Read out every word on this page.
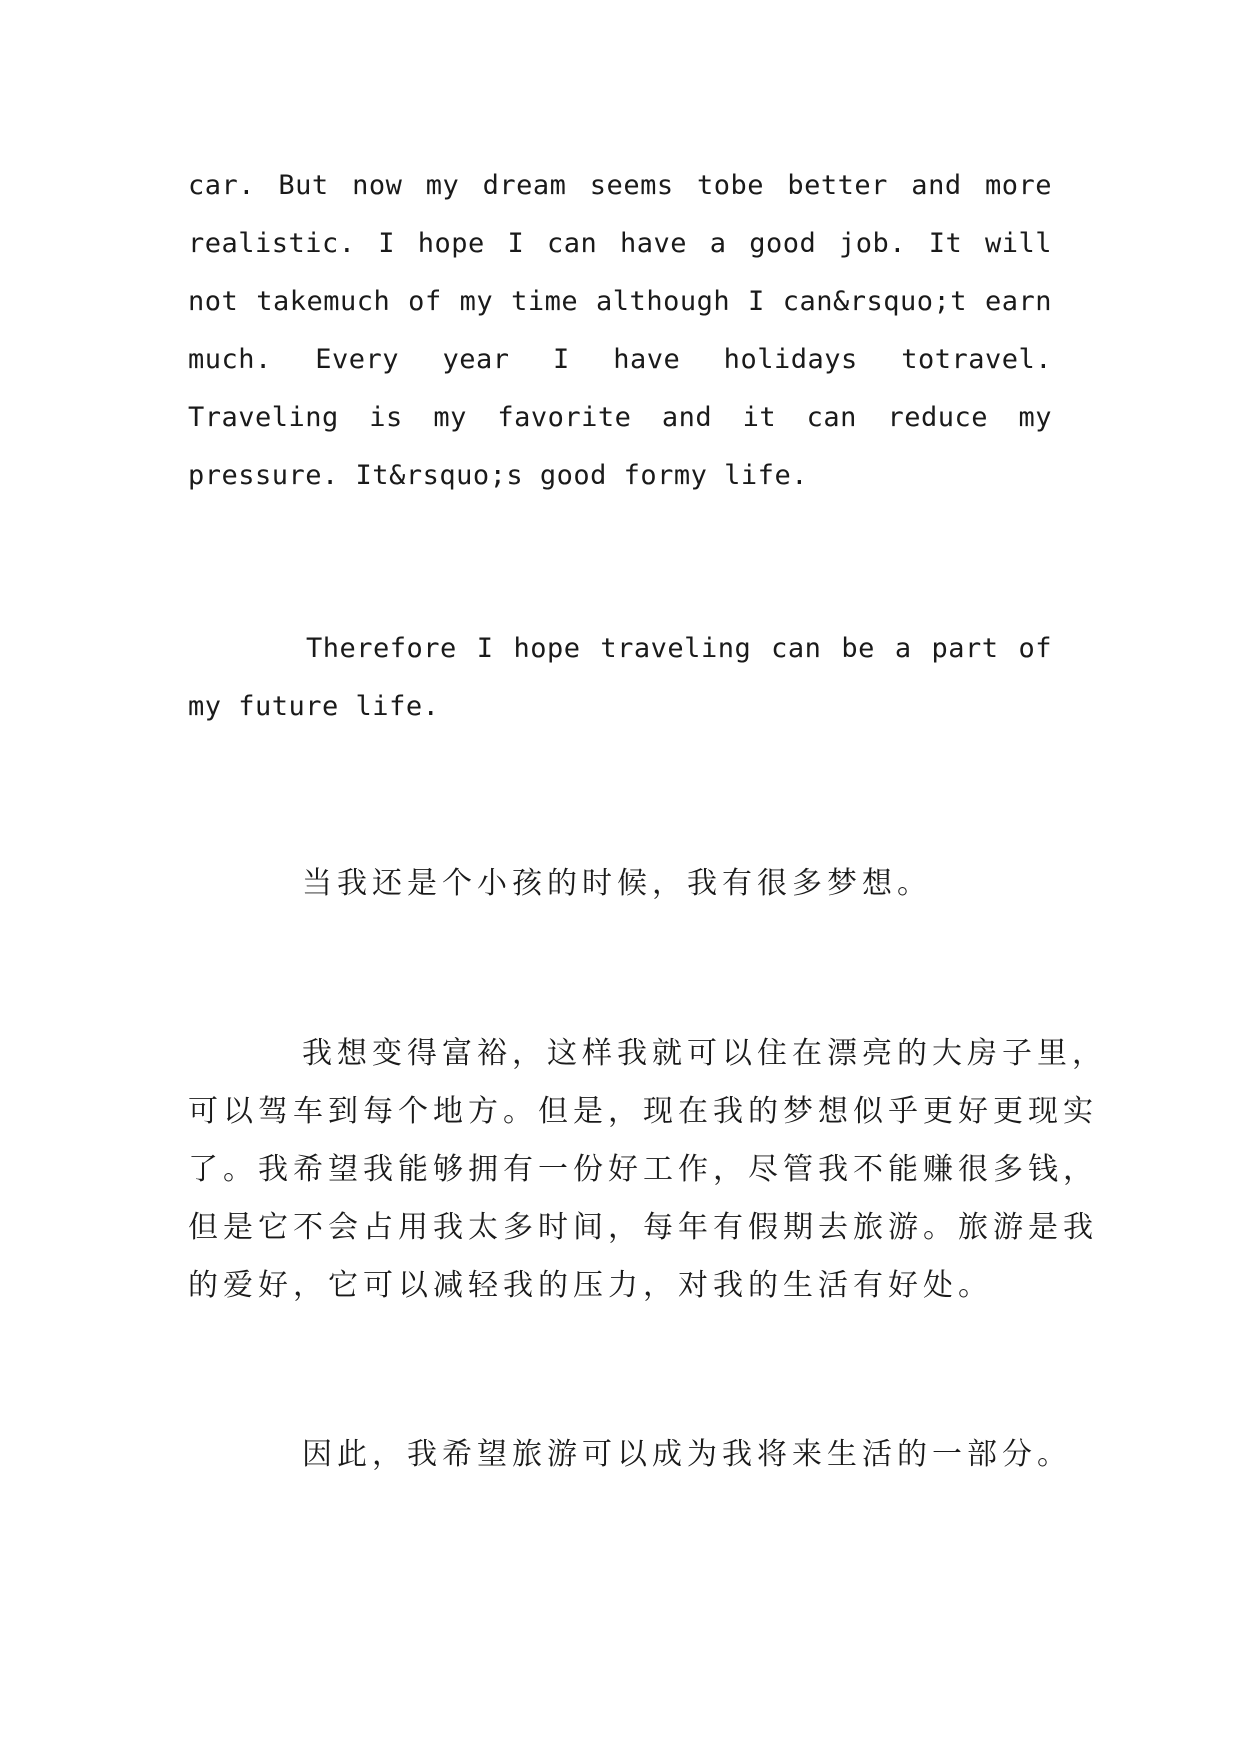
car. But now my dream seems tobe better and more
realistic. I hope I can have a good job. It will
not takemuch of my time although I can&rsquo;t earn
much. Every year I have holidays totravel.
Traveling is my favorite and it can reduce my
pressure. It&rsquo;s good formy life.
Therefore I hope traveling can be a part of
my future life.
当我还是个小孩的时候，我有很多梦想。
我想变得富裕，这样我就可以住在漂亮的大房子里，
可以驾车到每个地方。但是，现在我的梦想似乎更好更现实
了。我希望我能够拥有一份好工作，尽管我不能赚很多钱，
但是它不会占用我太多时间，每年有假期去旅游。旅游是我
的爱好，它可以减轻我的压力，对我的生活有好处。
因此，我希望旅游可以成为我将来生活的一部分。
